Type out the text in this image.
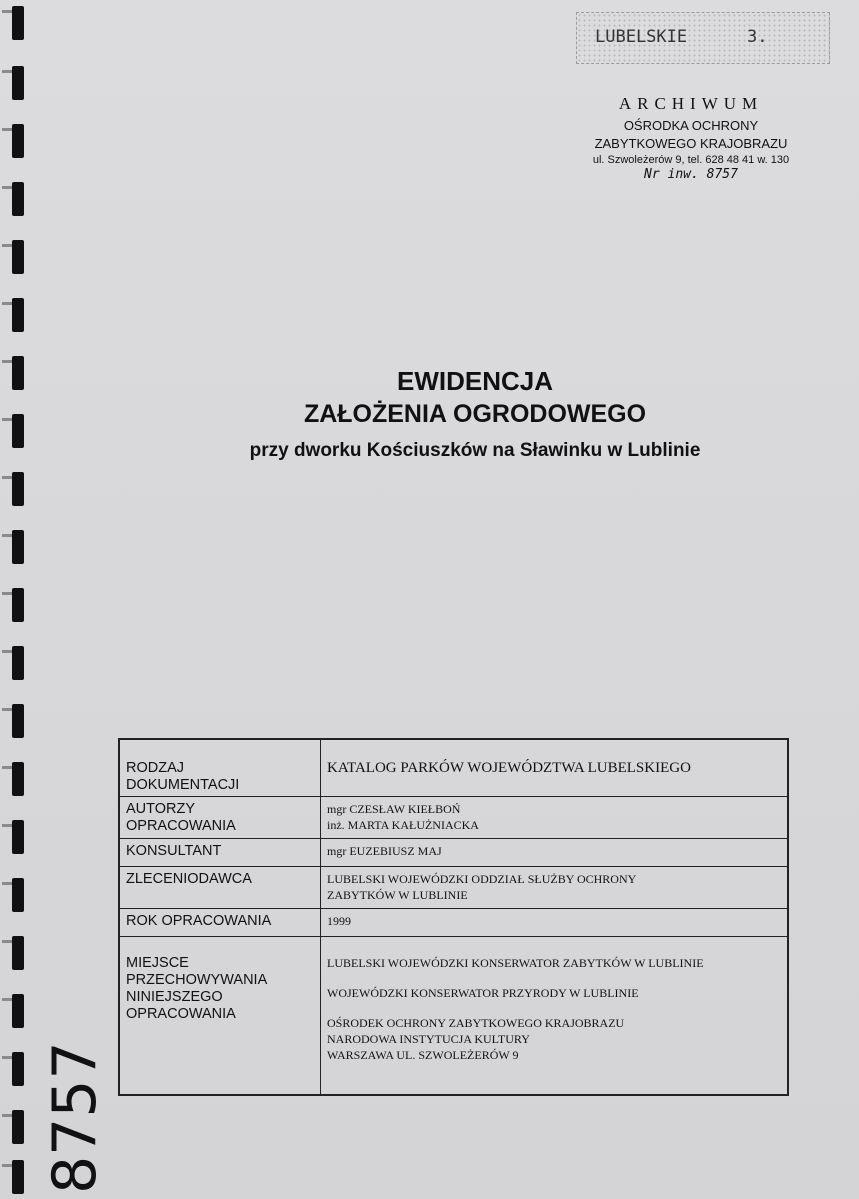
LUBELSKIE	3.
ARCHIWUM
OŚRODKA OCHRONY
ZABYTKOWEGO KRAJOBRAZU
ul. Szwoleżerów 9, tel. 628 48 41 w. 130
Nr inw. 8757
EWIDENCJA
ZAŁOŻENIA OGRODOWEGO
przy dworku Kościuszków na Sławinku w Lublinie
RODZAJ
DOKUMENTACJI	KATALOG PARKÓW WOJEWÓDZTWA LUBELSKIEGO

AUTORZY
OPRACOWANIA	mgr CZESŁAW KIEŁBOŃ
inż. MARTA KAŁUŻNIACKA

KONSULTANT	mgr EUZEBIUSZ MAJ

ZLECENIODAWCA	LUBELSKI WOJEWÓDZKI ODDZIAŁ SŁUŻBY OCHRONY
ZABYTKÓW W LUBLINIE

ROK OPRACOWANIA	1999

MIEJSCE
PRZECHOWYWANIA
NINIEJSZEGO
OPRACOWANIA	LUBELSKI WOJEWÓDZKI KONSERWATOR ZABYTKÓW W LUBLINIE
WOJEWÓDZKI KONSERWATOR PRZYRODY W LUBLINIE
OŚRODEK OCHRONY ZABYTKOWEGO KRAJOBRAZU
NARODOWA INSTYTUCJA KULTURY
WARSZAWA UL. SZWOLEŻERÓW 9
8757
